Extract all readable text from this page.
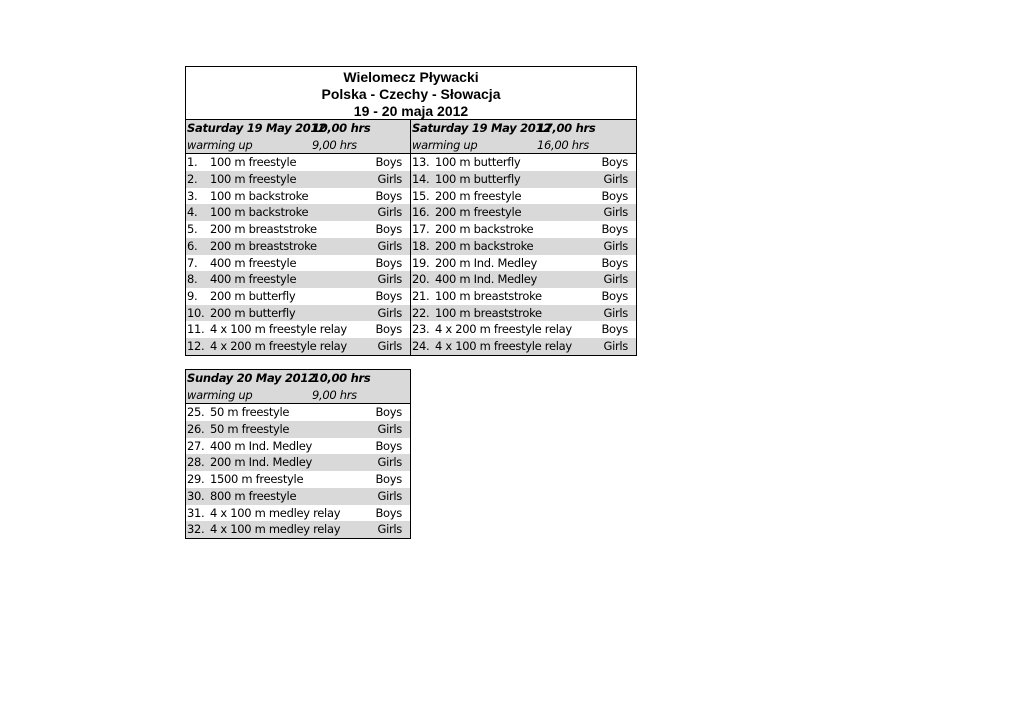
Wielomecz Pływacki
Polska - Czechy - Słowacja
19 - 20 maja 2012
Saturday 19 May 2012
10,00 hrs
warming up	9,00 hrs
1. 100 m freestyle	Boys
2. 100 m freestyle	Girls
3. 100 m backstroke	Boys
4. 100 m backstroke	Girls
5. 200 m breaststroke	Boys
6. 200 m breaststroke	Girls
7. 400 m freestyle	Boys
8. 400 m freestyle	Girls
9. 200 m butterfly	Boys
10. 200 m butterfly	Girls
11. 4 x 100 m freestyle relay Boys
12. 4 x 200 m freestyle relay	Girls
Saturday 19 May 2012
17,00 hrs
warming up	16,00 hrs
13. 100 m butterfly	Boys
14. 100 m butterfly	Girls
15. 200 m freestyle	Boys
16. 200 m freestyle	Girls
17. 200 m backstroke	Boys
18. 200 m backstroke	Girls
19. 200 m Ind. Medley	Boys
20. 400 m Ind. Medley	Girls
21. 100 m breaststroke	Boys
22. 100 m breaststroke	Girls
23. 4 x 200 m freestyle relay	Boys
24. 4 x 100 m freestyle relay	Girls
Sunday 20 May 2012
10,00 hrs
warming up	9,00 hrs
25. 50 m freestyle	Boys
26. 50 m freestyle	Girls
27. 400 m Ind. Medley	Boys
28. 200 m Ind. Medley	Girls
29. 1500 m freestyle	Boys
30. 800 m freestyle	Girls
31. 4 x 100 m medley relay	Boys
32. 4 x 100 m medley relay	Girls
